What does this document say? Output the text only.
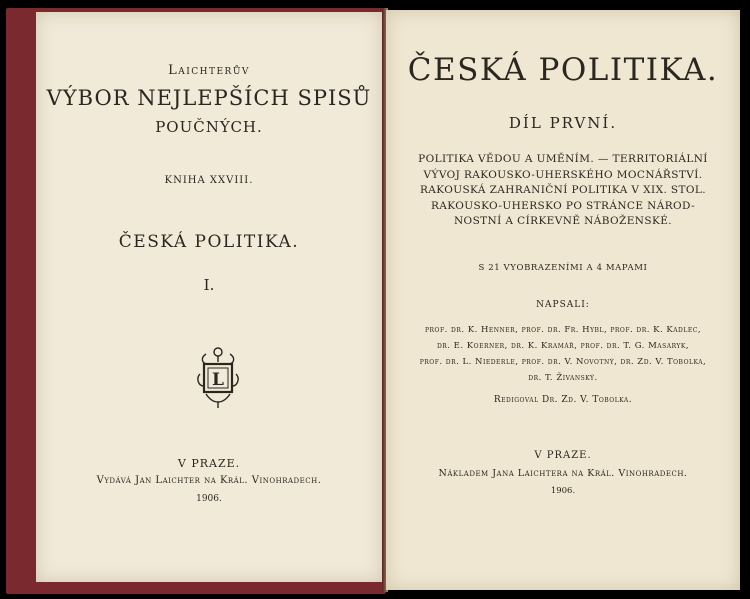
Laichterův
VÝBOR NEJLEPŠÍCH SPISŮ
POUČNÝCH.
KNIHA XXVIII.
ČESKÁ POLITIKA.
I.
L
V PRAZE.
Vydává Jan Laichter na Král. Vinohradech.
1906.
ČESKÁ POLITIKA.
DÍL PRVNÍ.
POLITIKA VĚDOU A UMĚNÍM. — TERRITORIÁLNÍ
VÝVOJ RAKOUSKO-UHERSKÉHO MOCNÁŘSTVÍ.
RAKOUSKÁ ZAHRANIČNÍ POLITIKA V XIX. STOL.
RAKOUSKO-UHERSKO PO STRÁNCE NÁROD-
NOSTNÍ A CÍRKEVNĚ NÁBOŽENSKÉ.
S 21 VYOBRAZENÍMI A 4 MAPAMI
NAPSALI:
prof. dr. K. Henner, prof. dr. Fr. Hybl, prof. dr. K. Kadlec,
dr. E. Koerner, dr. K. Kramář, prof. dr. T. G. Masaryk,
prof. dr. L. Niederle, prof. dr. V. Novotný, dr. Zd. V. Tobolka,
dr. T. Živanský.
Redigoval Dr. Zd. V. Tobolka.
V PRAZE.
Nákladem Jana Laichtera na Král. Vinohradech.
1906.
